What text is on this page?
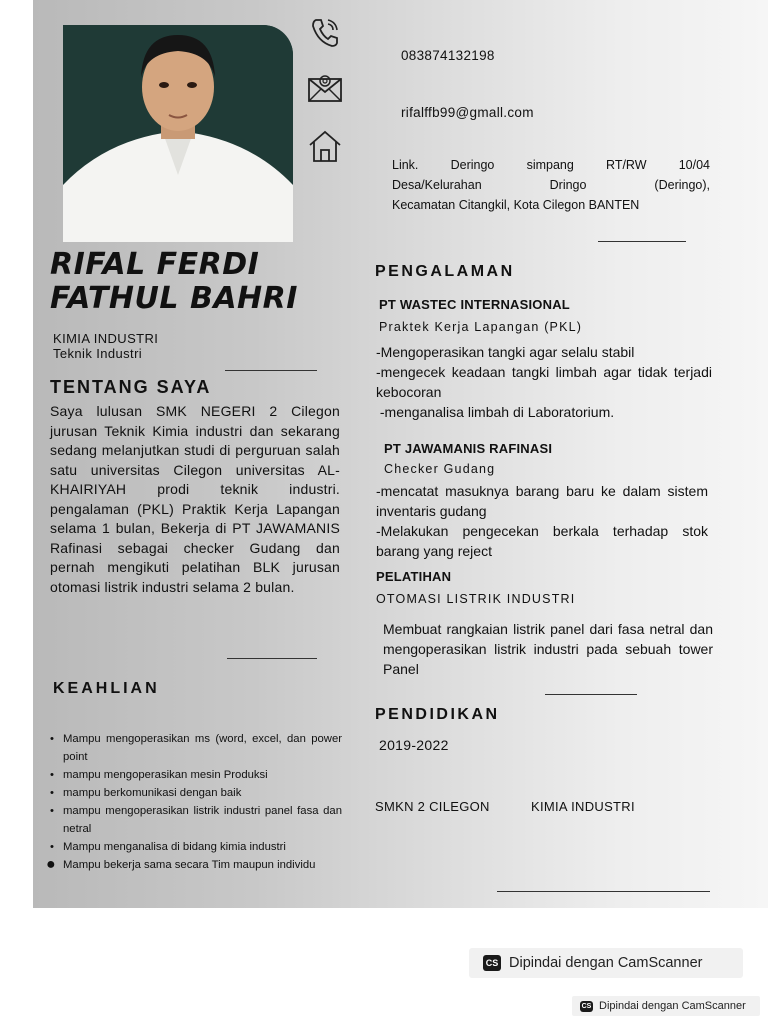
083874132198
rifalffb99@gmall.com
Link. Deringo simpang RT/RW 10/04
Desa/Kelurahan Dringo (Deringo),
Kecamatan Citangkil, Kota Cilegon BANTEN
RIFAL FERDI
FATHUL BAHRI
KIMIA INDUSTRI
Teknik Industri
TENTANG SAYA
Saya lulusan SMK NEGERI 2 Cilegon jurusan Teknik Kimia industri dan sekarang sedang melanjutkan studi di perguruan salah satu universitas Cilegon universitas AL-KHAIRIYAH prodi teknik industri. pengalaman (PKL) Praktik Kerja Lapangan selama 1 bulan, Bekerja di PT JAWAMANIS Rafinasi sebagai checker Gudang dan pernah mengikuti pelatihan BLK jurusan otomasi listrik industri selama 2 bulan.
KEAHLIAN
• Mampu mengoperasikan ms (word, excel, dan power point
• mampu mengoperasikan mesin Produksi
• mampu berkomunikasi dengan baik
• mampu mengoperasikan listrik industri panel fasa dan netral
• Mampu menganalisa di bidang kimia industri
● Mampu bekerja sama secara Tim maupun individu
PENGALAMAN
PT WASTEC INTERNASIONAL
Praktek Kerja Lapangan (PKL)
-Mengoperasikan tangki agar selalu stabil
-mengecek keadaan tangki limbah agar tidak terjadi kebocoran
-menganalisa limbah di Laboratorium.
PT JAWAMANIS RAFINASI
Checker Gudang
-mencatat masuknya barang baru ke dalam sistem inventaris gudang
-Melakukan pengecekan berkala terhadap stok barang yang reject
PELATIHAN
OTOMASI LISTRIK INDUSTRI
Membuat rangkaian listrik panel dari fasa netral dan mengoperasikan listrik industri pada sebuah tower Panel
PENDIDIKAN
2019-2022
SMKN 2 CILEGON	KIMIA INDUSTRI
CS Dipindai dengan CamScanner
CS Dipindai dengan CamScanner
